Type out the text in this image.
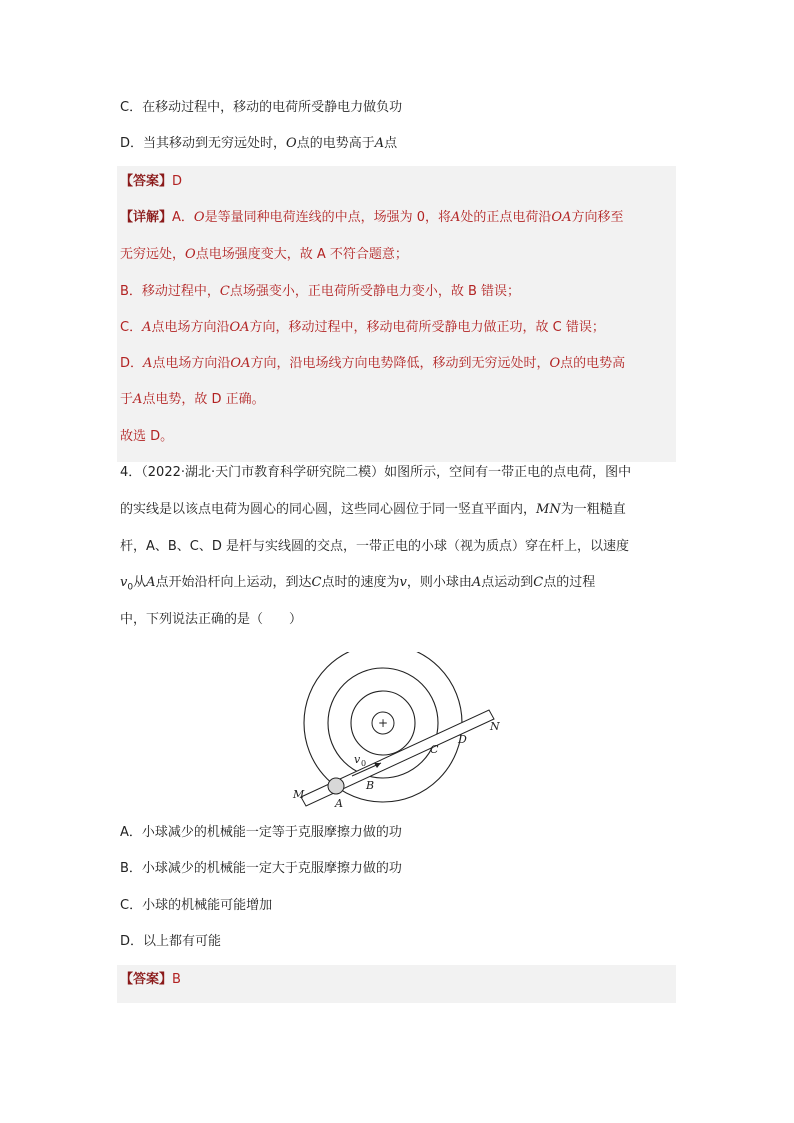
C．在移动过程中，移动的电荷所受静电力做负功
D．当其移动到无穷远处时，O点的电势高于A点
【答案】D
【详解】A．O是等量同种电荷连线的中点，场强为 0，将A处的正点电荷沿OA方向移至
无穷远处，O点电场强度变大，故 A 不符合题意；
B．移动过程中，C点场强变小，正电荷所受静电力变小，故 B 错误；
C．A点电场方向沿OA方向，移动过程中，移动电荷所受静电力做正功，故 C 错误；
D．A点电场方向沿OA方向，沿电场线方向电势降低，移动到无穷远处时，O点的电势高
于A点电势，故 D 正确。
故选 D。
4．（2022·湖北·天门市教育科学研究院二模）如图所示，空间有一带正电的点电荷，图中
的实线是以该点电荷为圆心的同心圆，这些同心圆位于同一竖直平面内，MN为一粗糙直
杆，A、B、C、D 是杆与实线圆的交点，一带正电的小球（视为质点）穿在杆上，以速度
$v_0$从A点开始沿杆向上运动，到达C点时的速度为v，则小球由A点运动到C点的过程
中，下列说法正确的是（　　）
+
v 0
M
N
A
B
C
D
A．小球减少的机械能一定等于克服摩擦力做的功
B．小球减少的机械能一定大于克服摩擦力做的功
C．小球的机械能可能增加
D．以上都有可能
【答案】B
